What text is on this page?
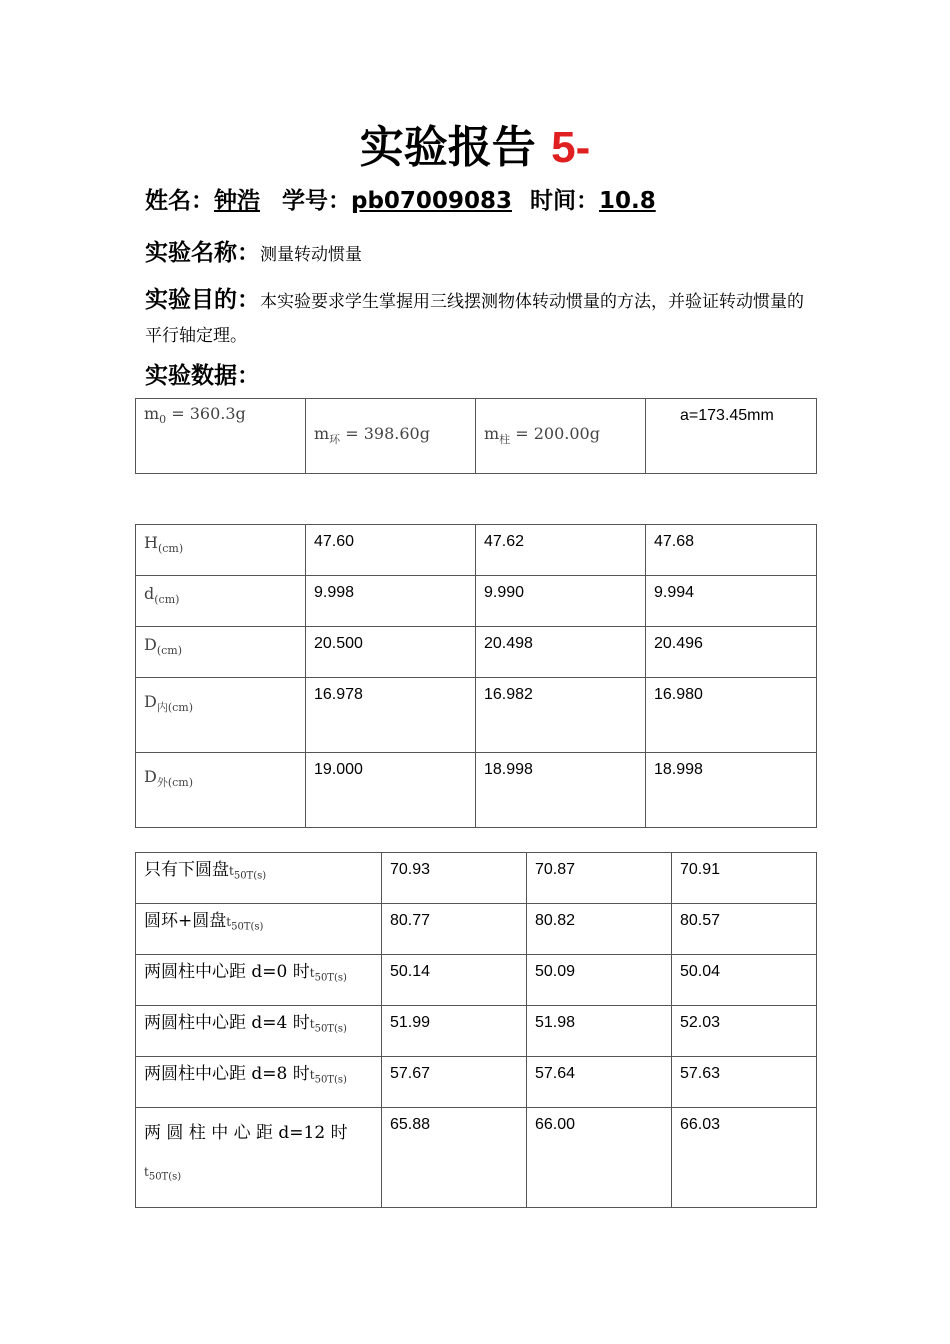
实验报告 5-
姓名：钟浩 学号：pb07009083 时间：10.8
实验名称：测量转动惯量
实验目的：本实验要求学生掌握用三线摆测物体转动惯量的方法，并验证转动惯量的平行轴定理。
实验数据：
$m_0 = 360.3g$	$m_环 = 398.60g$	$m_柱 = 200.00g$	a=173.45mm
$H_{(cm)}$	47.60	47.62	47.68
$d_{(cm)}$	9.998	9.990	9.994
$D_{(cm)}$	20.500	20.498	20.496
$D_{内(cm)}$	16.978	16.982	16.980
$D_{外(cm)}$	19.000	18.998	18.998
只有下圆盘$t_{50T(s)}$	70.93	70.87	70.91
圆环+圆盘$t_{50T(s)}$	80.77	80.82	80.57
两圆柱中心距 d=0 时$t_{50T(s)}$	50.14	50.09	50.04
两圆柱中心距 d=4 时$t_{50T(s)}$	51.99	51.98	52.03
两圆柱中心距 d=8 时$t_{50T(s)}$	57.67	57.64	57.63
两 圆 柱 中 心 距 d=12 时
$t_{50T(s)}$	65.88	66.00	66.03
